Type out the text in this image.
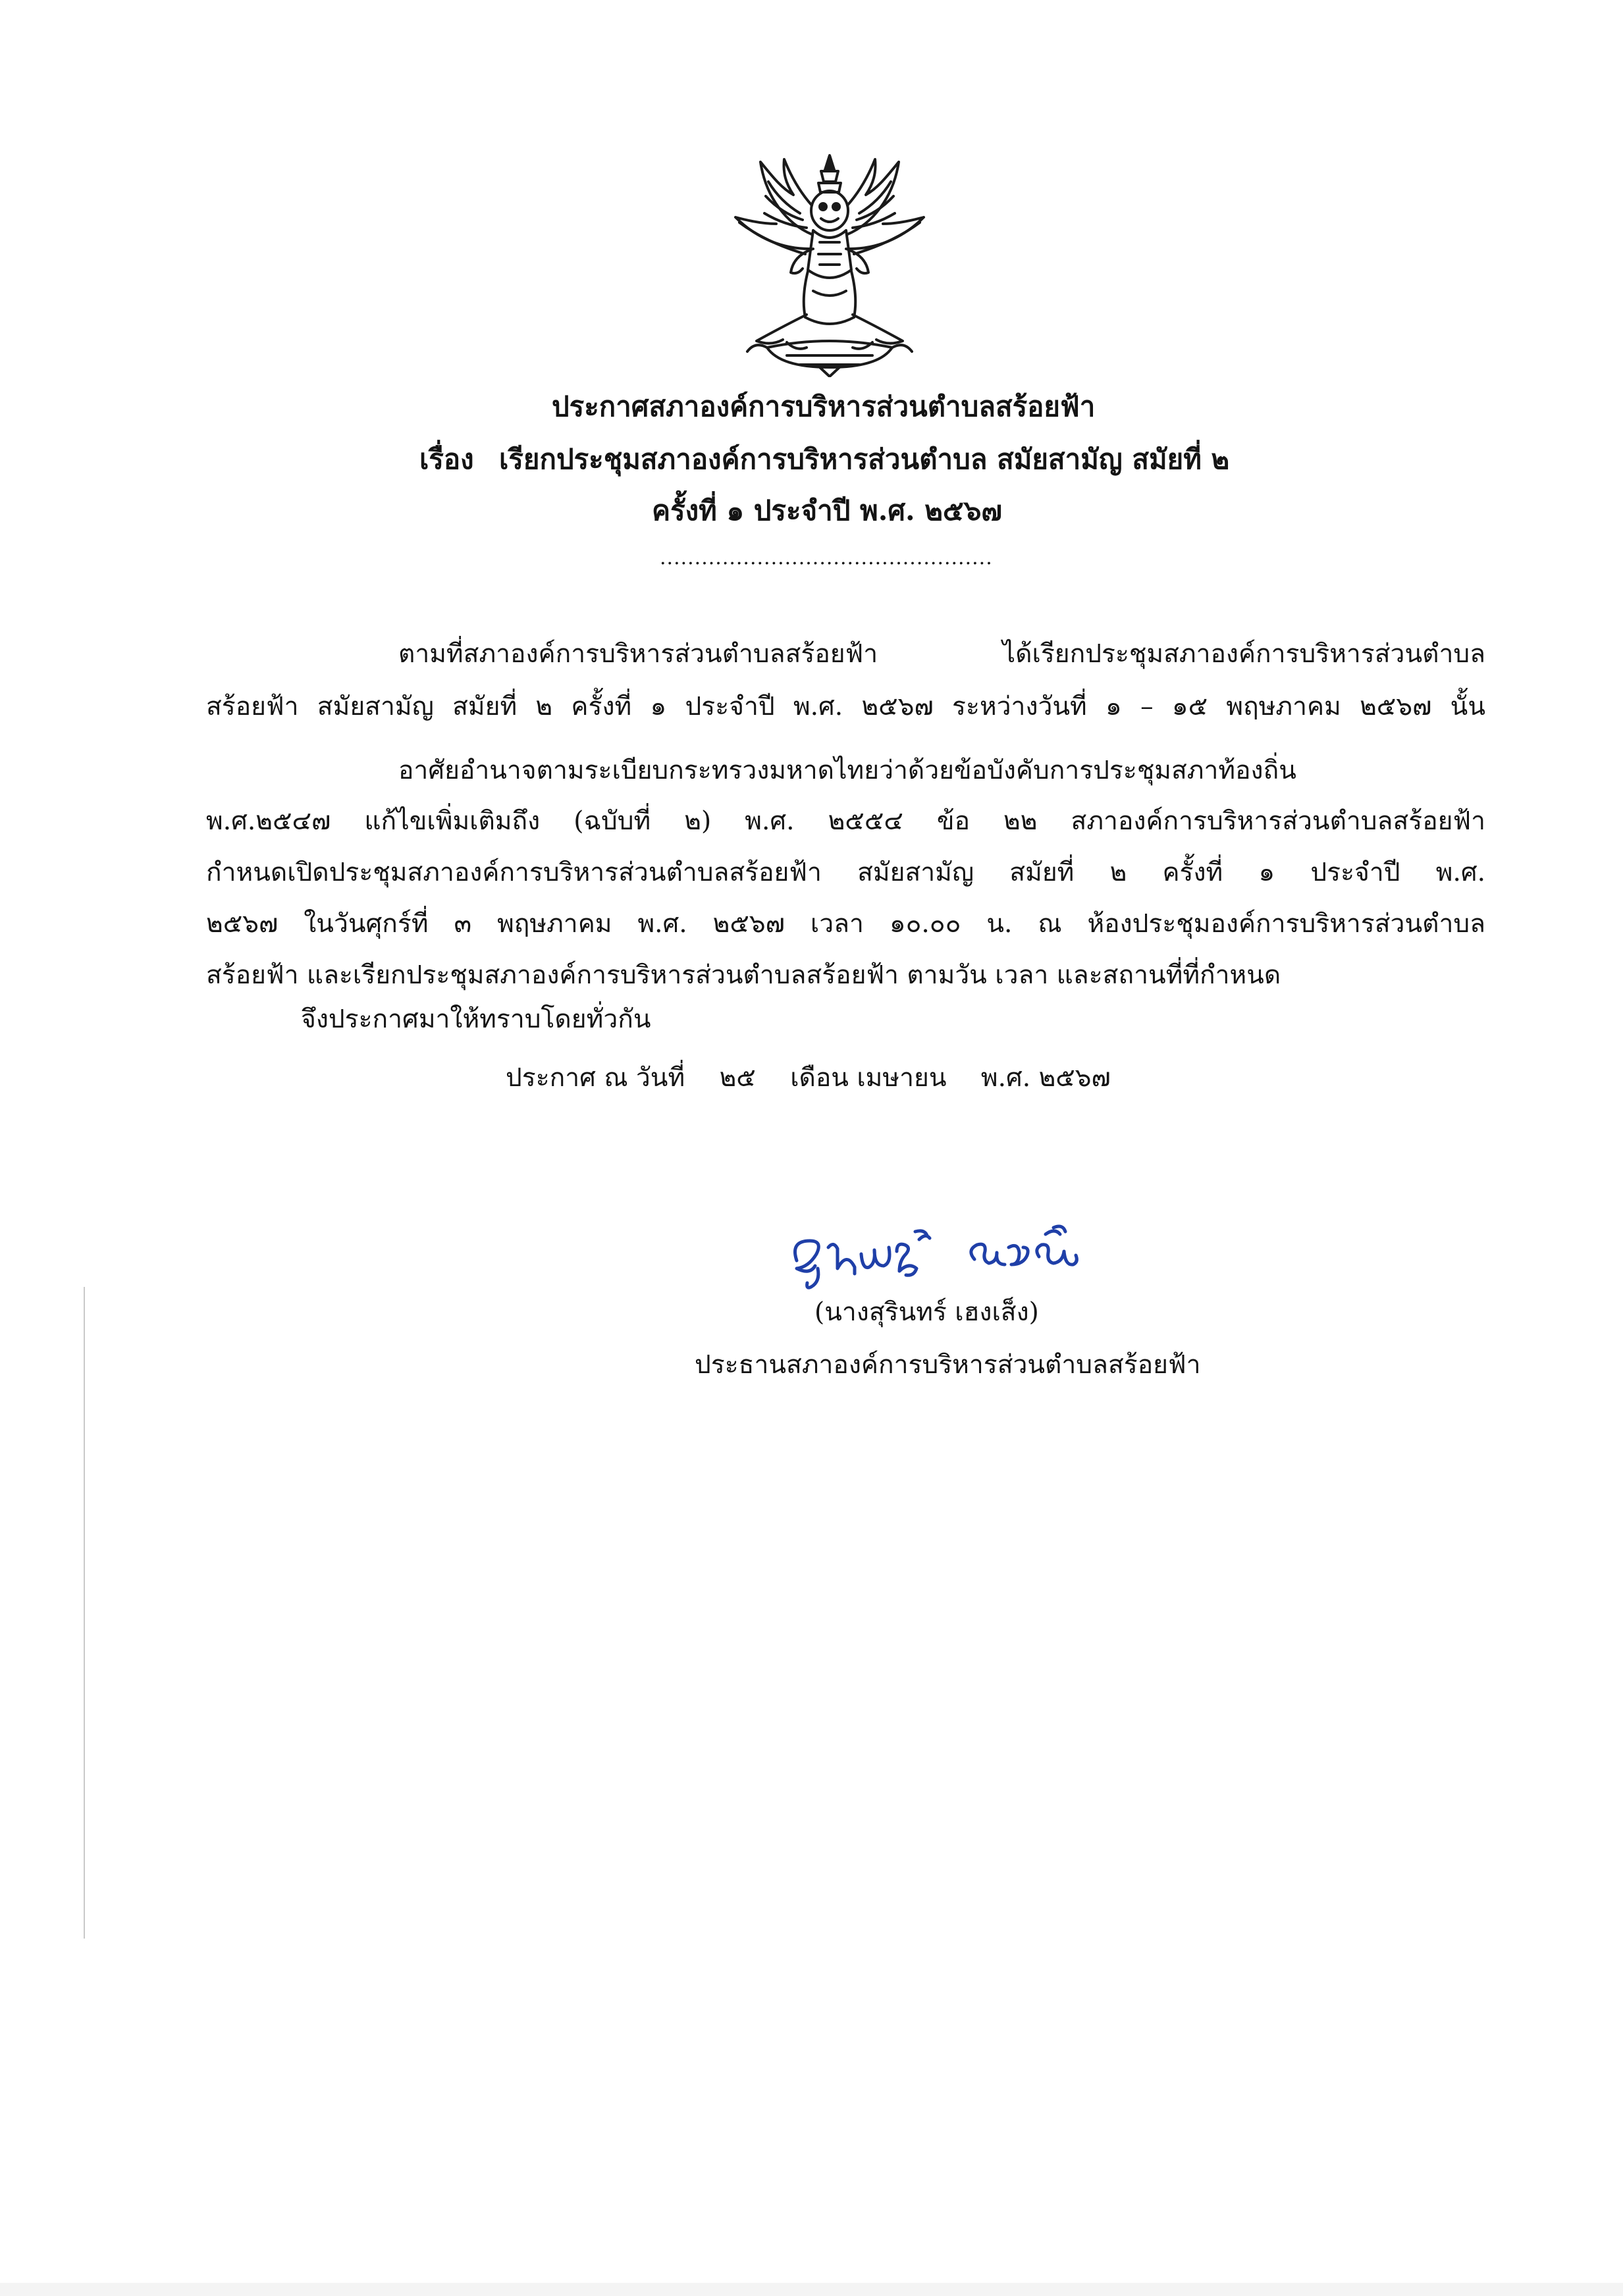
ประกาศสภาองค์การบริหารส่วนตำบลสร้อยฟ้า
เรื่อง เรียกประชุมสภาองค์การบริหารส่วนตำบล สมัยสามัญ สมัยที่ ๒
ครั้งที่ ๑ ประจำปี พ.ศ. ๒๕๖๗
................................................
ตามที่สภาองค์การบริหารส่วนตำบลสร้อยฟ้า ได้เรียกประชุมสภาองค์การบริหารส่วนตำบล
สร้อยฟ้า สมัยสามัญ สมัยที่ ๒ ครั้งที่ ๑ ประจำปี พ.ศ. ๒๕๖๗ ระหว่างวันที่ ๑ – ๑๕ พฤษภาคม ๒๕๖๗ นั้น
อาศัยอำนาจตามระเบียบกระทรวงมหาดไทยว่าด้วยข้อบังคับการประชุมสภาท้องถิ่น
พ.ศ.๒๕๔๗ แก้ไขเพิ่มเติมถึง (ฉบับที่ ๒) พ.ศ. ๒๕๕๔ ข้อ ๒๒ สภาองค์การบริหารส่วนตำบลสร้อยฟ้า
กำหนดเปิดประชุมสภาองค์การบริหารส่วนตำบลสร้อยฟ้า สมัยสามัญ สมัยที่ ๒ ครั้งที่ ๑ ประจำปี พ.ศ.
๒๕๖๗ ในวันศุกร์ที่ ๓ พฤษภาคม พ.ศ. ๒๕๖๗ เวลา ๑๐.๐๐ น. ณ ห้องประชุมองค์การบริหารส่วนตำบล
สร้อยฟ้า และเรียกประชุมสภาองค์การบริหารส่วนตำบลสร้อยฟ้า ตามวัน เวลา และสถานที่ที่กำหนด
จึงประกาศมาให้ทราบโดยทั่วกัน
ประกาศ ณ วันที่ ๒๕ เดือน เมษายน พ.ศ. ๒๕๖๗
(นางสุรินทร์ เฮงเส็ง)
ประธานสภาองค์การบริหารส่วนตำบลสร้อยฟ้า
